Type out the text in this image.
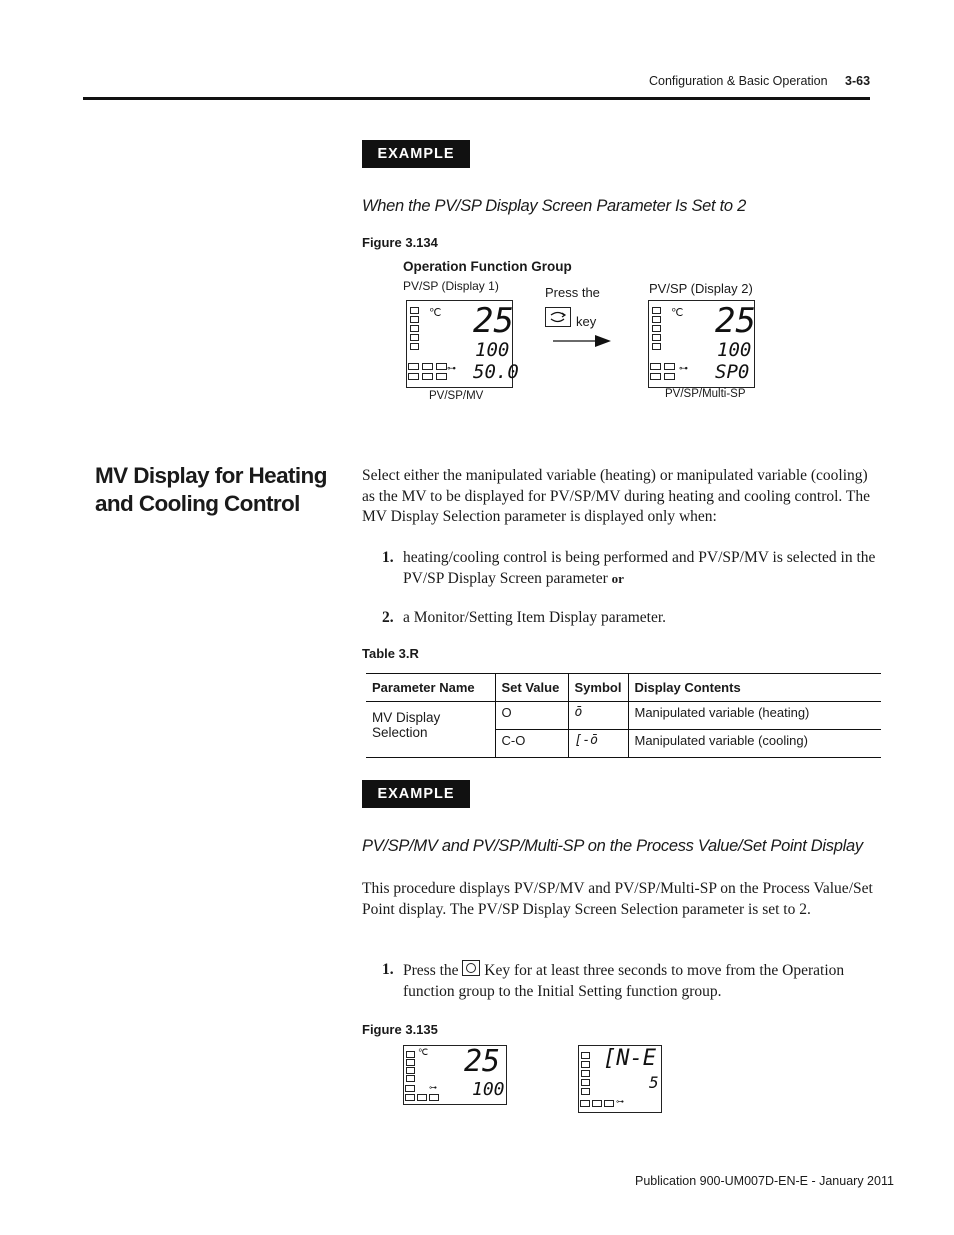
Configuration & Basic Operation 3-63
EXAMPLE
When the PV/SP Display Screen Parameter Is Set to 2
Figure 3.134
Operation Function Group
PV/SP (Display 1)
℃ 25
100
⊶ 50.0
PV/SP/MV
Press the
key
PV/SP (Display 2)
℃ 25
100
⊶ SP0
PV/SP/Multi-SP
MV Display for Heating and Cooling Control
Select either the manipulated variable (heating) or manipulated variable (cooling) as the MV to be displayed for PV/SP/MV during heating and cooling control. The MV Display Selection parameter is displayed only when:
1. heating/cooling control is being performed and PV/SP/MV is selected in the PV/SP Display Screen parameter or
2. a Monitor/Setting Item Display parameter.
Table 3.R
Parameter Name	Set Value	Symbol	Display Contents
MV Display Selection	O	ō	Manipulated variable (heating)
	C-O	[-ō	Manipulated variable (cooling)
EXAMPLE
PV/SP/MV and PV/SP/Multi-SP on the Process Value/Set Point Display
This procedure displays PV/SP/MV and PV/SP/Multi-SP on the Process Value/Set Point display. The PV/SP Display Screen Selection parameter is set to 2.
1. Press the Key for at least three seconds to move from the Operation function group to the Initial Setting function group.
Figure 3.135
℃ 25
100
⊶
[N-E
5
⊶
Publication 900-UM007D-EN-E - January 2011
